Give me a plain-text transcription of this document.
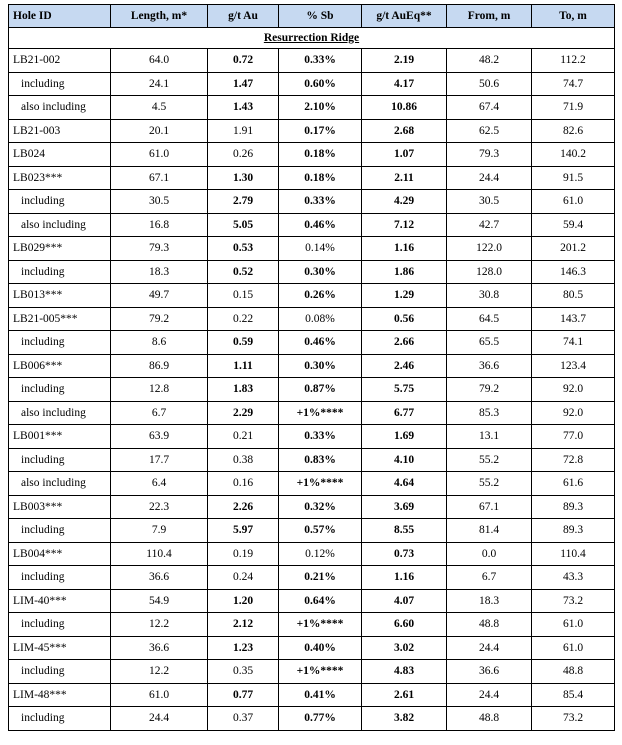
Hole ID	Length, m*	g/t Au	% Sb	g/t AuEq**	From, m	To, m
Resurrection Ridge						
LB21-002	64.0	0.72	0.33%	2.19	48.2	112.2
including	24.1	1.47	0.60%	4.17	50.6	74.7
also including	4.5	1.43	2.10%	10.86	67.4	71.9
LB21-003	20.1	1.91	0.17%	2.68	62.5	82.6
LB024	61.0	0.26	0.18%	1.07	79.3	140.2
LB023***	67.1	1.30	0.18%	2.11	24.4	91.5
including	30.5	2.79	0.33%	4.29	30.5	61.0
also including	16.8	5.05	0.46%	7.12	42.7	59.4
LB029***	79.3	0.53	0.14%	1.16	122.0	201.2
including	18.3	0.52	0.30%	1.86	128.0	146.3
LB013***	49.7	0.15	0.26%	1.29	30.8	80.5
LB21-005***	79.2	0.22	0.08%	0.56	64.5	143.7
including	8.6	0.59	0.46%	2.66	65.5	74.1
LB006***	86.9	1.11	0.30%	2.46	36.6	123.4
including	12.8	1.83	0.87%	5.75	79.2	92.0
also including	6.7	2.29	+1%****	6.77	85.3	92.0
LB001***	63.9	0.21	0.33%	1.69	13.1	77.0
including	17.7	0.38	0.83%	4.10	55.2	72.8
also including	6.4	0.16	+1%****	4.64	55.2	61.6
LB003***	22.3	2.26	0.32%	3.69	67.1	89.3
including	7.9	5.97	0.57%	8.55	81.4	89.3
LB004***	110.4	0.19	0.12%	0.73	0.0	110.4
including	36.6	0.24	0.21%	1.16	6.7	43.3
LIM-40***	54.9	1.20	0.64%	4.07	18.3	73.2
including	12.2	2.12	+1%****	6.60	48.8	61.0
LIM-45***	36.6	1.23	0.40%	3.02	24.4	61.0
including	12.2	0.35	+1%****	4.83	36.6	48.8
LIM-48***	61.0	0.77	0.41%	2.61	24.4	85.4
including	24.4	0.37	0.77%	3.82	48.8	73.2
